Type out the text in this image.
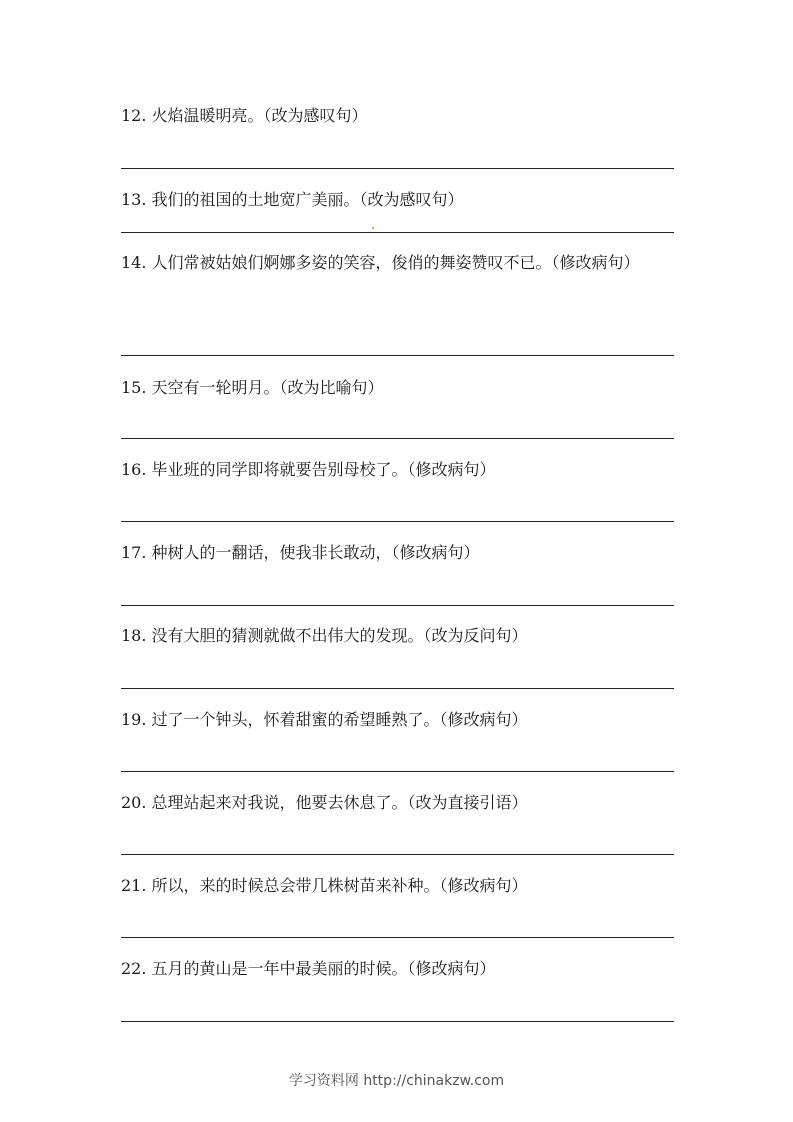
12. 火焰温暖明亮。（改为感叹句）

13. 我们的祖国的土地宽广美丽。（改为感叹句）

14. 人们常被姑娘们婀娜多姿的笑容，俊俏的舞姿赞叹不已。（修改病句）

15. 天空有一轮明月。（改为比喻句）

16. 毕业班的同学即将就要告别母校了。（修改病句）

17. 种树人的一翻话，使我非长敢动，（修改病句）

18. 没有大胆的猜测就做不出伟大的发现。（改为反问句）

19. 过了一个钟头，怀着甜蜜的希望睡熟了。（修改病句）

20. 总理站起来对我说，他要去休息了。（改为直接引语）

21. 所以，来的时候总会带几株树苗来补种。（修改病句）

22. 五月的黄山是一年中最美丽的时候。（修改病句）

学习资料网 http://chinakzw.com
